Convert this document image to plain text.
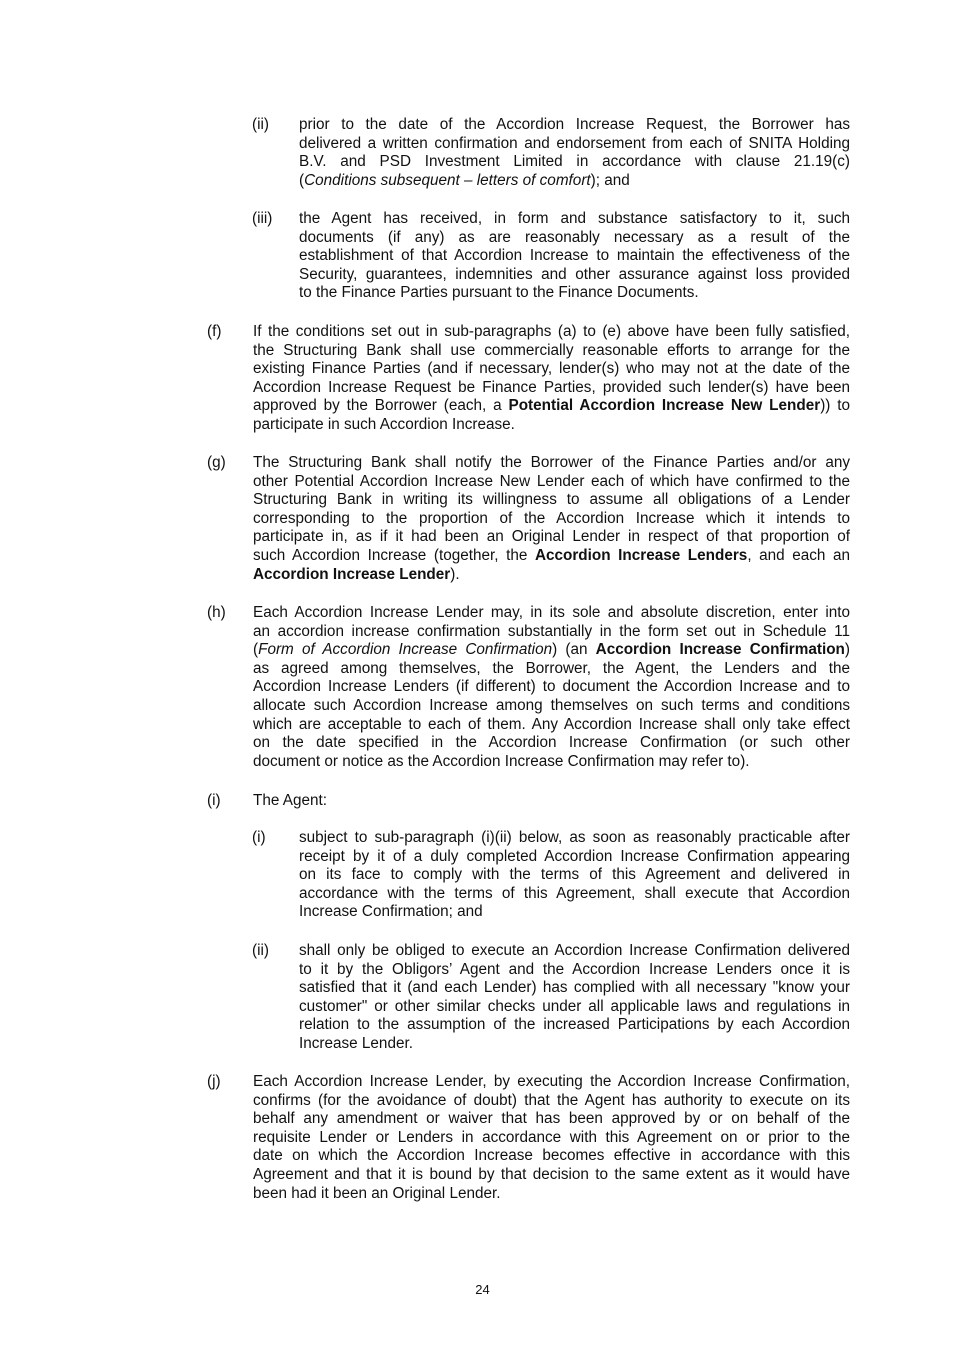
(ii) prior to the date of the Accordion Increase Request, the Borrower has
delivered a written confirmation and endorsement from each of SNITA Holding
B.V. and PSD Investment Limited in accordance with clause 21.19(c)
(Conditions subsequent – letters of comfort); and
(iii) the Agent has received, in form and substance satisfactory to it, such
documents (if any) as are reasonably necessary as a result of the
establishment of that Accordion Increase to maintain the effectiveness of the
Security, guarantees, indemnities and other assurance against loss provided
to the Finance Parties pursuant to the Finance Documents.
(f) If the conditions set out in sub-paragraphs (a) to (e) above have been fully satisfied,
the Structuring Bank shall use commercially reasonable efforts to arrange for the
existing Finance Parties (and if necessary, lender(s) who may not at the date of the
Accordion Increase Request be Finance Parties, provided such lender(s) have been
approved by the Borrower (each, a Potential Accordion Increase New Lender)) to
participate in such Accordion Increase.
(g) The Structuring Bank shall notify the Borrower of the Finance Parties and/or any
other Potential Accordion Increase New Lender each of which have confirmed to the
Structuring Bank in writing its willingness to assume all obligations of a Lender
corresponding to the proportion of the Accordion Increase which it intends to
participate in, as if it had been an Original Lender in respect of that proportion of
such Accordion Increase (together, the Accordion Increase Lenders, and each an
Accordion Increase Lender).
(h) Each Accordion Increase Lender may, in its sole and absolute discretion, enter into
an accordion increase confirmation substantially in the form set out in Schedule 11
(Form of Accordion Increase Confirmation) (an Accordion Increase Confirmation)
as agreed among themselves, the Borrower, the Agent, the Lenders and the
Accordion Increase Lenders (if different) to document the Accordion Increase and to
allocate such Accordion Increase among themselves on such terms and conditions
which are acceptable to each of them. Any Accordion Increase shall only take effect
on the date specified in the Accordion Increase Confirmation (or such other
document or notice as the Accordion Increase Confirmation may refer to).
(i) The Agent:
(i) subject to sub-paragraph (i)(ii) below, as soon as reasonably practicable after
receipt by it of a duly completed Accordion Increase Confirmation appearing
on its face to comply with the terms of this Agreement and delivered in
accordance with the terms of this Agreement, shall execute that Accordion
Increase Confirmation; and
(ii) shall only be obliged to execute an Accordion Increase Confirmation delivered
to it by the Obligors’ Agent and the Accordion Increase Lenders once it is
satisfied that it (and each Lender) has complied with all necessary "know your
customer" or other similar checks under all applicable laws and regulations in
relation to the assumption of the increased Participations by each Accordion
Increase Lender.
(j) Each Accordion Increase Lender, by executing the Accordion Increase Confirmation,
confirms (for the avoidance of doubt) that the Agent has authority to execute on its
behalf any amendment or waiver that has been approved by or on behalf of the
requisite Lender or Lenders in accordance with this Agreement on or prior to the
date on which the Accordion Increase becomes effective in accordance with this
Agreement and that it is bound by that decision to the same extent as it would have
been had it been an Original Lender.
24
